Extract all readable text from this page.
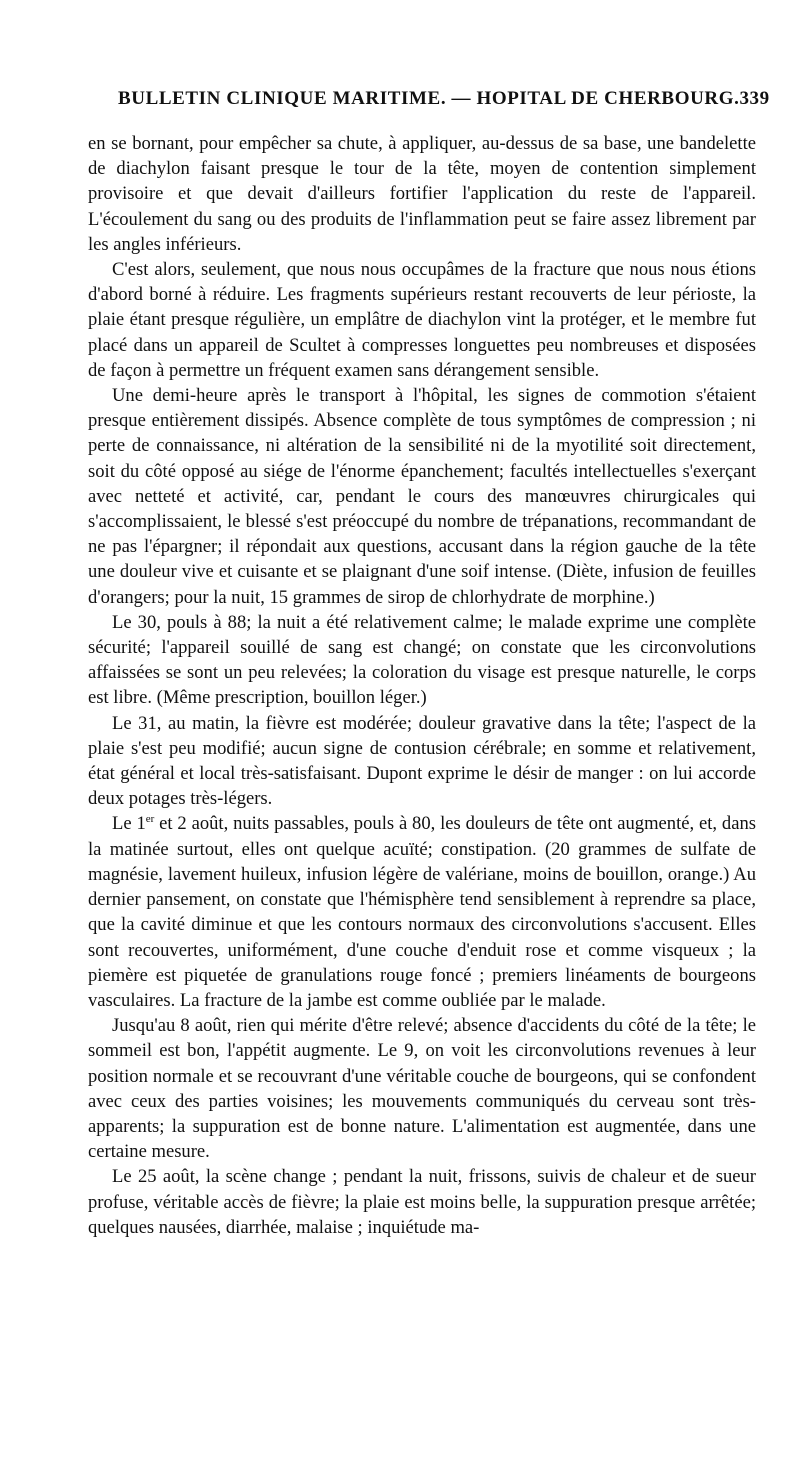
BULLETIN CLINIQUE MARITIME. — HOPITAL DE CHERBOURG. 339

en se bornant, pour empêcher sa chute, à appliquer, au-dessus de sa base, une bandelette de diachylon faisant presque le tour de la tête, moyen de contention simplement provisoire et que devait d'ailleurs fortifier l'application du reste de l'appareil. L'écoulement du sang ou des produits de l'inflammation peut se faire assez librement par les angles inférieurs.

C'est alors, seulement, que nous nous occupâmes de la fracture que nous nous étions d'abord borné à réduire. Les fragments supérieurs restant recouverts de leur périoste, la plaie étant presque régulière, un emplâtre de diachylon vint la protéger, et le membre fut placé dans un appareil de Scultet à compresses longuettes peu nombreuses et disposées de façon à permettre un fréquent examen sans dérangement sensible.

Une demi-heure après le transport à l'hôpital, les signes de commotion s'étaient presque entièrement dissipés. Absence complète de tous symptômes de compression ; ni perte de connaissance, ni altération de la sensibilité ni de la myotilité soit directement, soit du côté opposé au siége de l'énorme épanchement; facultés intellectuelles s'exerçant avec netteté et activité, car, pendant le cours des manœuvres chirurgicales qui s'accomplissaient, le blessé s'est préoccupé du nombre de trépanations, recommandant de ne pas l'épargner; il répondait aux questions, accusant dans la région gauche de la tête une douleur vive et cuisante et se plaignant d'une soif intense. (Diète, infusion de feuilles d'orangers; pour la nuit, 15 grammes de sirop de chlorhydrate de morphine.)

Le 30, pouls à 88; la nuit a été relativement calme; le malade exprime une complète sécurité; l'appareil souillé de sang est changé; on constate que les circonvolutions affaissées se sont un peu relevées; la coloration du visage est presque naturelle, le corps est libre. (Même prescription, bouillon léger.)

Le 31, au matin, la fièvre est modérée; douleur gravative dans la tête; l'aspect de la plaie s'est peu modifié; aucun signe de contusion cérébrale; en somme et relativement, état général et local très-satisfaisant. Dupont exprime le désir de manger : on lui accorde deux potages très-légers.

Le 1er et 2 août, nuits passables, pouls à 80, les douleurs de tête ont augmenté, et, dans la matinée surtout, elles ont quelque acuïté; constipation. (20 grammes de sulfate de magnésie, lavement huileux, infusion légère de valériane, moins de bouillon, orange.) Au dernier pansement, on constate que l'hémisphère tend sensiblement à reprendre sa place, que la cavité diminue et que les contours normaux des circonvolutions s'accusent. Elles sont recouvertes, uniformément, d'une couche d'enduit rose et comme visqueux ; la piemère est piquetée de granulations rouge foncé ; premiers linéaments de bourgeons vasculaires. La fracture de la jambe est comme oubliée par le malade.

Jusqu'au 8 août, rien qui mérite d'être relevé; absence d'accidents du côté de la tête; le sommeil est bon, l'appétit augmente. Le 9, on voit les circonvolutions revenues à leur position normale et se recouvrant d'une véritable couche de bourgeons, qui se confondent avec ceux des parties voisines; les mouvements communiqués du cerveau sont très-apparents; la suppuration est de bonne nature. L'alimentation est augmentée, dans une certaine mesure.

Le 25 août, la scène change ; pendant la nuit, frissons, suivis de chaleur et de sueur profuse, véritable accès de fièvre; la plaie est moins belle, la suppuration presque arrêtée; quelques nausées, diarrhée, malaise ; inquiétude ma-
